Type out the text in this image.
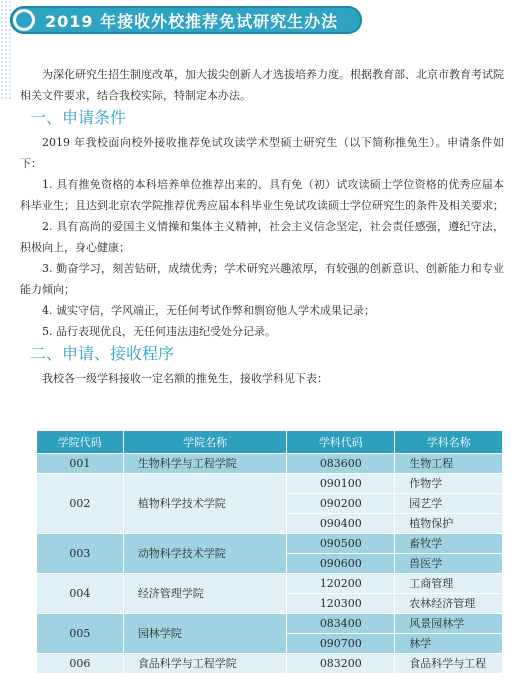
2019 年接收外校推荐免试研究生办法

为深化研究生招生制度改革，加大拔尖创新人才选拔培养力度。根据教育部、北京市教育考试院相关文件要求，结合我校实际，特制定本办法。

一、申请条件

2019 年我校面向校外接收推荐免试攻读学术型硕士研究生（以下简称推免生）。申请条件如下：

1. 具有推免资格的本科培养单位推荐出来的、具有免（初）试攻读硕士学位资格的优秀应届本科毕业生；且达到北京农学院推荐优秀应届本科毕业生免试攻读硕士学位研究生的条件及相关要求；

2. 具有高尚的爱国主义情操和集体主义精神，社会主义信念坚定，社会责任感强，遵纪守法，积极向上，身心健康；

3. 勤奋学习，刻苦钻研，成绩优秀；学术研究兴趣浓厚，有较强的创新意识、创新能力和专业能力倾向；

4. 诚实守信，学风端正，无任何考试作弊和剽窃他人学术成果记录；

5. 品行表现优良，无任何违法违纪受处分记录。

二、申请、接收程序

我校各一级学科接收一定名额的推免生，接收学科见下表：

学院代码	学院名称	学科代码	学科名称
001	生物科学与工程学院	083600	生物工程
002	植物科学技术学院	090100	作物学
		090200	园艺学
		090400	植物保护
003	动物科学技术学院	090500	畜牧学
		090600	兽医学
004	经济管理学院	120200	工商管理
		120300	农林经济管理
005	园林学院	083400	风景园林学
		090700	林学
006	食品科学与工程学院	083200	食品科学与工程
